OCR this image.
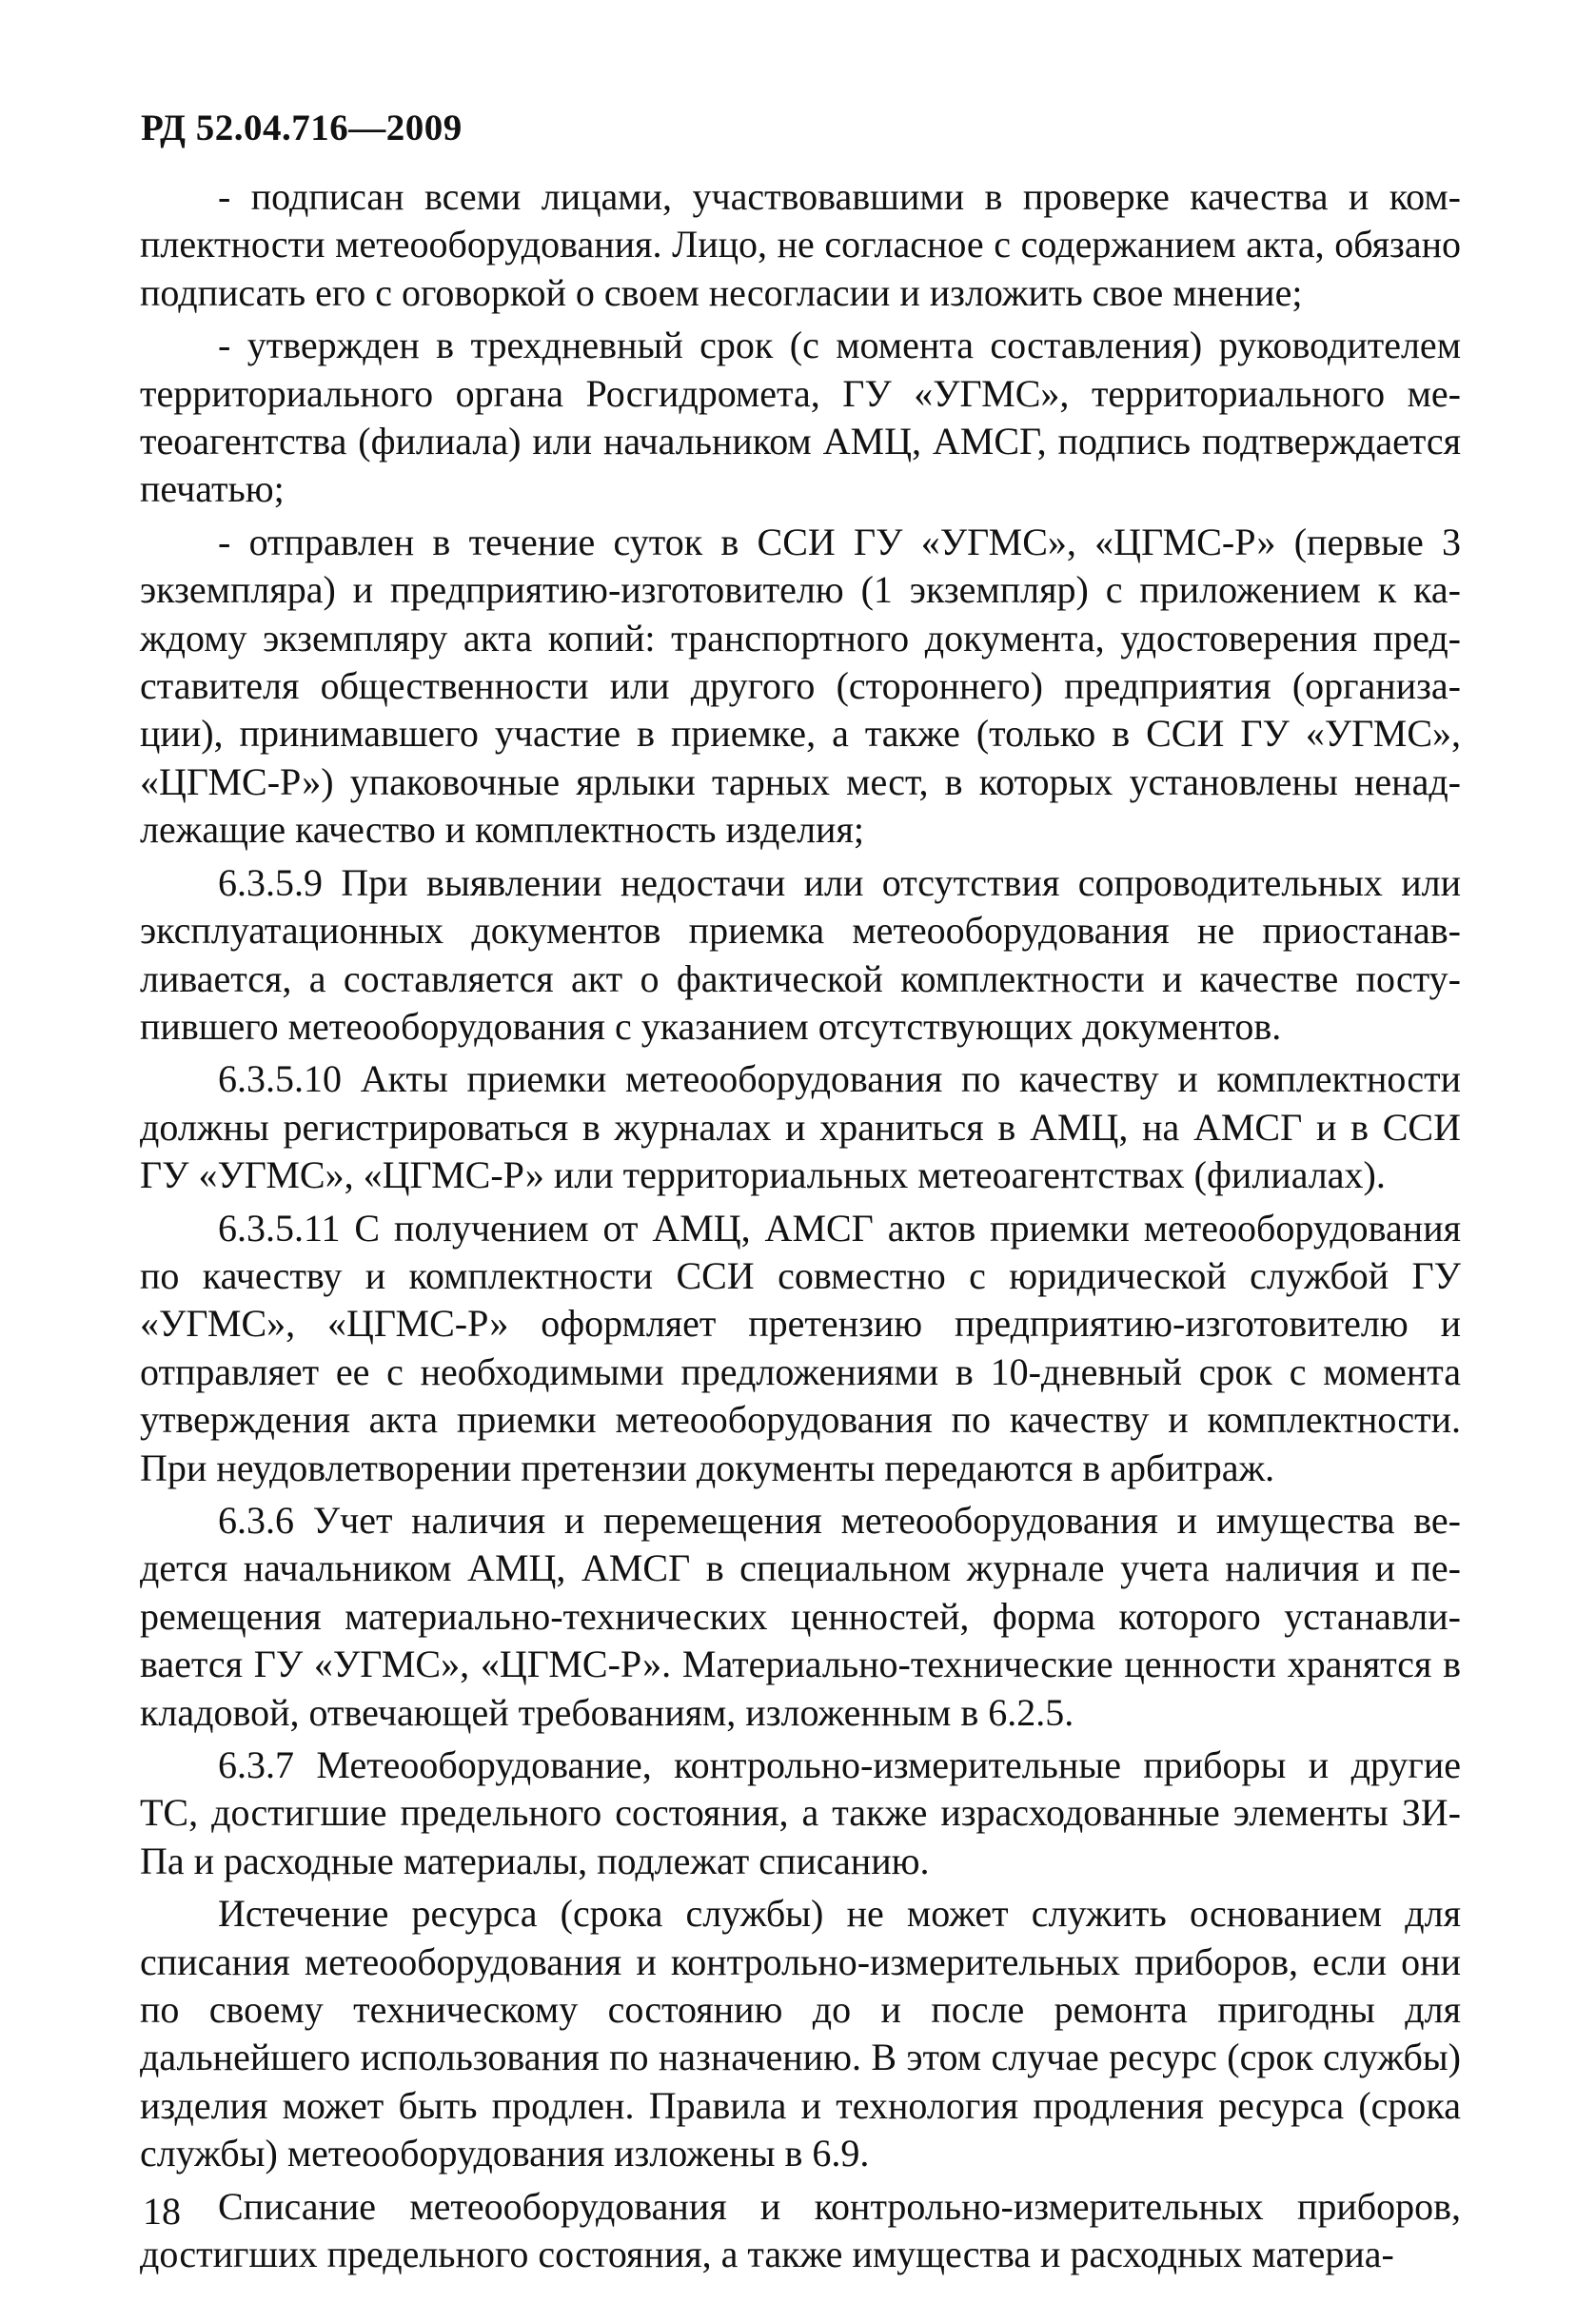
РД 52.04.716—2009

- подписан всеми лицами, участвовавшими в проверке качества и комплектности метеооборудования. Лицо, не согласное с содержанием акта, обязано подписать его с оговоркой о своем несогласии и изложить свое мнение;

- утвержден в трехдневный срок (с момента составления) руководителем территориального органа Росгидромета, ГУ «УГМС», территориального метеоагентства (филиала) или начальником АМЦ, АМСГ, подпись подтверждается печатью;

- отправлен в течение суток в ССИ ГУ «УГМС», «ЦГМС-Р» (первые 3 экземпляра) и предприятию-изготовителю (1 экземпляр) с приложением к каждому экземпляру акта копий: транспортного документа, удостоверения представителя общественности или другого (стороннего) предприятия (организации), принимавшего участие в приемке, а также (только в ССИ ГУ «УГМС», «ЦГМС-Р») упаковочные ярлыки тарных мест, в которых установлены ненадлежащие качество и комплектность изделия;

6.3.5.9 При выявлении недостачи или отсутствия сопроводительных или эксплуатационных документов приемка метеооборудования не приостанавливается, а составляется акт о фактической комплектности и качестве поступившего метеооборудования с указанием отсутствующих документов.

6.3.5.10 Акты приемки метеооборудования по качеству и комплектности должны регистрироваться в журналах и храниться в АМЦ, на АМСГ и в ССИ ГУ «УГМС», «ЦГМС-Р» или территориальных метеоагентствах (филиалах).

6.3.5.11 С получением от АМЦ, АМСГ актов приемки метеооборудования по качеству и комплектности ССИ совместно с юридической службой ГУ «УГМС», «ЦГМС-Р» оформляет претензию предприятию-изготовителю и отправляет ее с необходимыми предложениями в 10-дневный срок с момента утверждения акта приемки метеооборудования по качеству и комплектности. При неудовлетворении претензии документы передаются в арбитраж.

6.3.6 Учет наличия и перемещения метеооборудования и имущества ведется начальником АМЦ, АМСГ в специальном журнале учета наличия и перемещения материально-технических ценностей, форма которого устанавливается ГУ «УГМС», «ЦГМС-Р». Материально-технические ценности хранятся в кладовой, отвечающей требованиям, изложенным в 6.2.5.

6.3.7 Метеооборудование, контрольно-измерительные приборы и другие ТС, достигшие предельного состояния, а также израсходованные элементы ЗИПа и расходные материалы, подлежат списанию.

Истечение ресурса (срока службы) не может служить основанием для списания метеооборудования и контрольно-измерительных приборов, если они по своему техническому состоянию до и после ремонта пригодны для дальнейшего использования по назначению. В этом случае ресурс (срок службы) изделия может быть продлен. Правила и технология продления ресурса (срока службы) метеооборудования изложены в 6.9.

Списание метеооборудования и контрольно-измерительных приборов, достигших предельного состояния, а также имущества и расходных материа-

18
